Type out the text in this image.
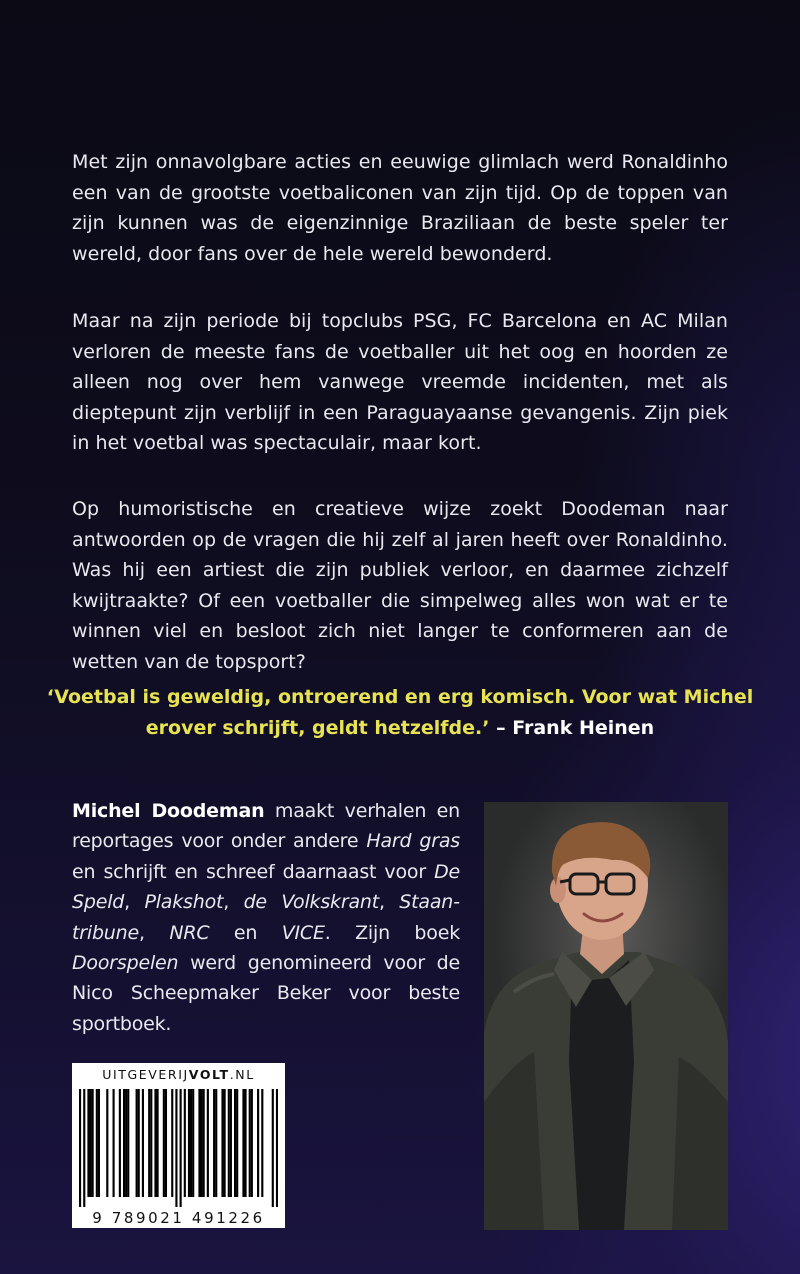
Met zijn onnavolgbare acties en eeuwige glimlach werd Ronaldinho een van de grootste voetbaliconen van zijn tijd. Op de toppen van zijn kunnen was de eigenzinnige Braziliaan de beste speler ter wereld, door fans over de hele wereld bewonderd.

Maar na zijn periode bij topclubs PSG, FC Barcelona en AC Milan verloren de meeste fans de voetballer uit het oog en hoorden ze alleen nog over hem vanwege vreemde incidenten, met als dieptepunt zijn verblijf in een Paraguayaanse gevangenis. Zijn piek in het voetbal was spectaculair, maar kort.

Op humoristische en creatieve wijze zoekt Doodeman naar antwoorden op de vragen die hij zelf al jaren heeft over Ronaldinho. Was hij een artiest die zijn publiek verloor, en daarmee zichzelf kwijtraakte? Of een voetballer die simpelweg alles won wat er te winnen viel en besloot zich niet langer te conformeren aan de wetten van de topsport?

‘Voetbal is geweldig, ontroerend en erg komisch. Voor wat Michel erover schrijft, geldt hetzelfde.’ – Frank Heinen

Michel Doodeman maakt verhalen en reportages voor onder andere Hard gras en schrijft en schreef daarnaast voor De Speld, Plakshot, de Volkskrant, Staantribune, NRC en VICE. Zijn boek Doorspelen werd genomineerd voor de Nico Scheepmaker Beker voor beste sportboek.

UITGEVERIJVOLT.NL
9 789021 491226
